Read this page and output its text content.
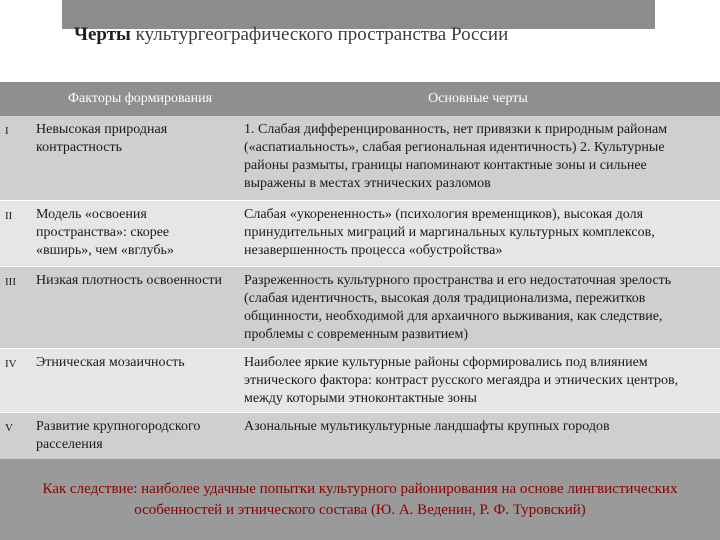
Черты культургеографического пространства России
	Факторы формирования	Основные черты
I	Невысокая природная контрастность	1. Слабая дифференцированность, нет привязки к природным районам («аспатиальность», слабая региональная идентичность) 2. Культурные районы размыты, границы напоминают контактные зоны и сильнее выражены в местах этнических разломов
II	Модель «освоения пространства»: скорее «вширь», чем «вглубь»	Слабая «укорененность» (психология временщиков), высокая доля принудительных миграций и маргинальных культурных комплексов, незавершенность процесса «обустройства»
III	Низкая плотность освоенности	Разреженность культурного пространства и его недостаточная зрелость (слабая идентичность, высокая доля традиционализма, пережитков общинности, необходимой для архаичного выживания, как следствие, проблемы с современным развитием)
IV	Этническая мозаичность	Наиболее яркие культурные районы сформировались под влиянием этнического фактора: контраст русского мегаядра и этнических центров, между которыми этноконтактные зоны
V	Развитие крупногородского расселения	Азональные мультикультурные ландшафты крупных городов
Как следствие: наиболее удачные попытки культурного районирования на основе лингвистических особенностей и этнического состава (Ю. А. Веденин, Р. Ф. Туровский)
